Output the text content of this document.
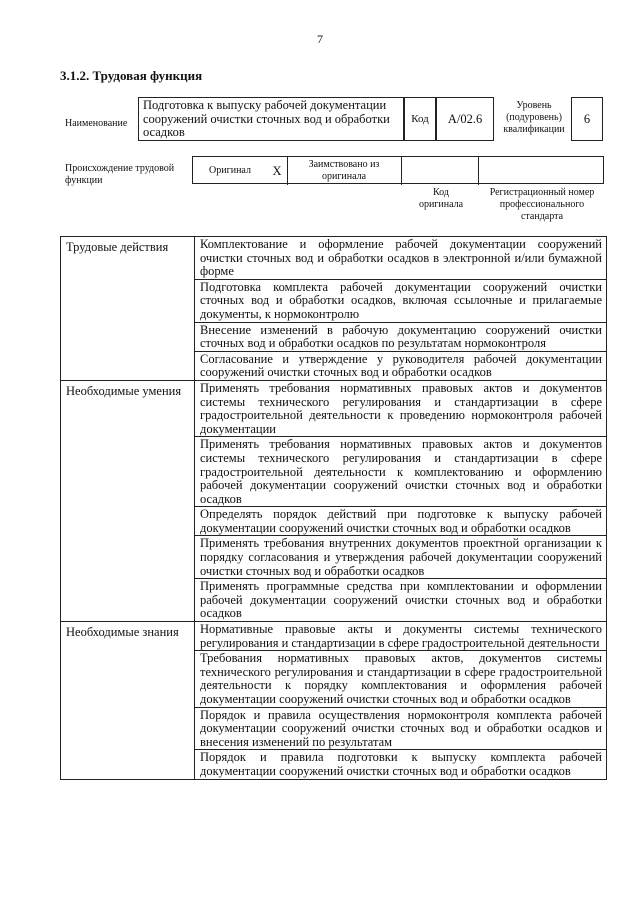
7
3.1.2. Трудовая функция
Наименование
Подготовка к выпуску рабочей документации сооружений очистки сточных вод и обработки осадков
Код	A/02.6
Уровень (подуровень) квалификации
6
Происхождение трудовой функции
Оригинал	X	Заимствовано из оригинала
Код оригинала
Регистрационный номер профессионального стандарта
Трудовые действия	Комплектование и оформление рабочей документации сооружений очистки сточных вод и обработки осадков в электронной и/или бумажной форме
	Подготовка комплекта рабочей документации сооружений очистки сточных вод и обработки осадков, включая ссылочные и прилагаемые документы, к нормоконтролю
	Внесение изменений в рабочую документацию сооружений очистки сточных вод и обработки осадков по результатам нормоконтроля
	Согласование и утверждение у руководителя рабочей документации сооружений очистки сточных вод и обработки осадков
Необходимые умения	Применять требования нормативных правовых актов и документов системы технического регулирования и стандартизации в сфере градостроительной деятельности к проведению нормоконтроля рабочей документации
	Применять требования нормативных правовых актов и документов системы технического регулирования и стандартизации в сфере градостроительной деятельности к комплектованию и оформлению рабочей документации сооружений очистки сточных вод и обработки осадков
	Определять порядок действий при подготовке к выпуску рабочей документации сооружений очистки сточных вод и обработки осадков
	Применять требования внутренних документов проектной организации к порядку согласования и утверждения рабочей документации сооружений очистки сточных вод и обработки осадков
	Применять программные средства при комплектовании и оформлении рабочей документации сооружений очистки сточных вод и обработки осадков
Необходимые знания	Нормативные правовые акты и документы системы технического регулирования и стандартизации в сфере градостроительной деятельности
	Требования нормативных правовых актов, документов системы технического регулирования и стандартизации в сфере градостроительной деятельности к порядку комплектования и оформления рабочей документации сооружений очистки сточных вод и обработки осадков
	Порядок и правила осуществления нормоконтроля комплекта рабочей документации сооружений очистки сточных вод и обработки осадков и внесения изменений по результатам
	Порядок и правила подготовки к выпуску комплекта рабочей документации сооружений очистки сточных вод и обработки осадков
